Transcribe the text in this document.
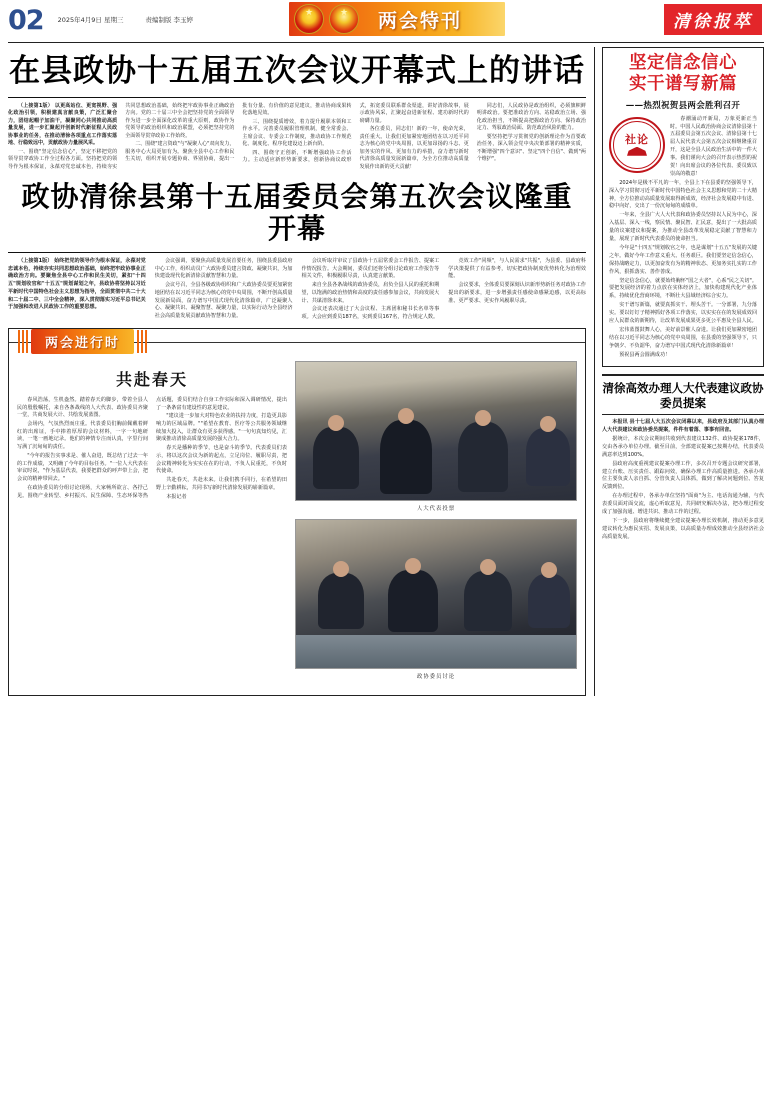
02 2025年4月9日 星期三	责编制版 李玉婷 ★ ★	两会特刊	清徐报萃
在县政协十五届五次会议开幕式上的讲话

（上接第1版） 以更高站位、更宽视野、强化政治引领，积极建真言献良策，广泛汇聚合力，团结起帽子加油干，凝聚同心共同推动高质量发展，进一步汇聚起开创新时代新征程人民政协事业的任务，在推动清徐各项重点工作落实落地、行稳致远中，贡献政协力量展风采。

一、围绕"坚定信念信心"，坚定不移把党的领导贯穿政协工作全过程各方面。坚持把党的领导作为根本保证，永葆对党忠诚本色，持续夯实共同思想政治基础，始终把牢政协事业正确政治方向。党的二十届三中全会把坚持党的全面领导作为进一步全面深化改革的重大原则，政协作为党领导的政治组织和政治联盟，必须把坚持党的全面领导贯穿政协工作始终。

二、围绕"建言资政"与"凝聚人心"双向发力，服务中心大局更加有为。聚焦全县中心工作和民生关切，组织开展专题协商、界别协商，提出一批有分量、有价值的意见建议，推动协商成果转化落地见效。

三、围绕提质增效，着力提升履职本领和工作水平。完善委员履职管理机制，健全常委会、主席会议、专委会工作制度，推动政协工作规范化、制度化、程序化建设迈上新台阶。

四、围绕守正创新，不断增强政协工作活力。主动适应新形势新要求，创新协商议政形式，拓宽委员联系群众渠道，讲好清徐故事，展示政协风采，汇聚起奋进新征程、建功新时代的磅礴力量。

各位委员，同志们！新的一年，使命光荣，责任重大。让我们更加紧密地团结在以习近平同志为核心的党中央周围，以更加昂扬的斗志、更加务实的作风、更加有力的举措，奋力谱写新时代清徐高质量发展新篇章，为全方位推动高质量发展作出新的更大贡献！

同志们，人民政协是政治组织，必须旗帜鲜明讲政治。要把准政治方向、站稳政治立场、强化政治担当，不断提高把握政治方向、保持政治定力、驾驭政治局面、防范政治风险的能力。

要坚持把学习贯彻党的创新理论作为首要政治任务，深入领会党中央决策部署的精神实质，不断增强"四个意识"、坚定"四个自信"、做到"两个维护"。

政协清徐县第十五届委员会第五次会议隆重开幕

（上接第1版） 始终把党的领导作为根本保证，永葆对党忠诚本色，持续夯实共同思想政治基础，始终把牢政协事业正确政治方向。要聚焦全县中心工作和民生关切，紧扣"十四五"规划收官和"十五五"规划谋划之年，县政协将坚持以习近平新时代中国特色社会主义思想为指导，全面贯彻中共二十大和二十届二中、三中全会精神，深入贯彻落实习近平总书记关于加强和改进人民政协工作的重要思想。

会议强调，要聚焦高质量发展首要任务，围绕县委县政府中心工作，组织动员广大政协委员建言资政、凝聚共识，为加快建设现代化新清徐贡献智慧和力量。

会议号召，全县各级政协组织和广大政协委员要更加紧密地团结在以习近平同志为核心的党中央周围，不断开创高质量发展新局面，奋力谱写中国式现代化清徐篇章，广泛凝聚人心、凝聚共识、凝聚智慧、凝聚力量，以实际行动为全县经济社会高质量发展贡献政协智慧和力量。

会议听取并审议了县政协十五届常委会工作报告、提案工作情况报告。大会期间，委员们还将分组讨论政府工作报告等相关文件，积极履职尽责，认真建言献策。

来自全县各条战线的政协委员，肩负全县人民的重托和期望，以饱满的政治热情和高度的责任感参加会议，共商发展大计、共谋清徐未来。

会议还表决通过了大会议程、主席团和秘书长名单等事项。大会应到委员187名，实到委员167名，符合规定人数。

竞效工作"同频"，与人民需求"共振"，为县委、县政府科学决策提供了有益参考，切实把政协制度优势转化为治理效能。

会议要求，全体委员要深刻认识新形势新任务对政协工作提出的新要求，进一步增强责任感使命感紧迫感，以更高标准、更严要求、更实作风履职尽责。

两会进行时
共赴春天

春风浩荡，生机盎然。踏着春天的脚步，带着全县人民的殷殷嘱托，来自各条战线的人大代表、政协委员齐聚一堂，共商发展大计、共绘发展蓝图。

会场内，气氛热烈而庄重。代表委员们胸前佩戴着鲜红的出席证，手中捧着厚厚的会议材料，一字一句地研读，一笔一画地记录。他们的神情专注而认真，字里行间写满了沉甸甸的责任。

"今年的报告实事求是、催人奋进，既总结了过去一年的工作成绩，又明确了今年的目标任务。"一位人大代表在审议时说，"作为基层代表，我要把群众的呼声带上会，把会议的精神带回去。"

在政协委员的分组讨论现场，大家畅所欲言、各抒己见。围绕产业转型、乡村振兴、民生保障、生态环保等热点话题，委员们结合自身工作实际和深入调研情况，提出了一条条富有建设性的意见建议。

"建议进一步加大对特色农业的扶持力度，打造更具影响力的区域品牌。""希望在教育、医疗等公共服务领域继续加大投入，让群众有更多获得感。"一句句真知灼见，汇聚成推动清徐高质量发展的强大合力。

春天是播种的季节，也是奋斗的季节。代表委员们表示，将以这次会议为新的起点，立足岗位、履职尽责，把会议精神转化为实实在在的行动，不负人民重托，不负时代使命。

共赴春天，共赴未来。让我们携手同行，在希望的田野上辛勤耕耘，共同书写新时代清徐发展的崭新篇章。

本报记者

人大代表投票
政协委员讨论
坚定信念信心
实干谱写新篇
——热烈祝贺县两会胜利召开
社论

春潮涌动开新局，万象更新正当时。中国人民政治协商会议清徐县第十五届委员会第五次会议、清徐县第十七届人民代表大会第五次会议相继隆重召开，这是全县人民政治生活中的一件大事。我们谨向大会的召开表示热烈的祝贺！向出席会议的各位代表、委员致以崇高的敬意！

2024年是极不平凡的一年，全县上下在县委的坚强领导下，深入学习贯彻习近平新时代中国特色社会主义思想和党的二十大精神，全方位推动高质量发展取得新成效，经济社会发展稳中有进、稳中向好，交出了一份沉甸甸的成绩单。

一年来，全县广大人大代表和政协委员坚持以人民为中心，深入基层、深入一线，察民情、聚民智、汇民意，提出了一大批高质量的议案建议和提案，为推动全县改革发展稳定贡献了智慧和力量，展现了新时代代表委员的使命担当。

今年是"十四五"规划收官之年，也是谋划"十五五"发展的关键之年。做好今年工作意义重大、任务艰巨。我们要坚定信念信心，保持战略定力，以更加奋发有为的精神状态、更加务实扎实的工作作风，狠抓落实、善作善成。

坚定信念信心，就要始终胸怀"国之大者"，心系"民之关切"。要把发展经济的着力点放在实体经济上，加快构建现代化产业体系，持续优化营商环境，不断壮大县域经济综合实力。

实干谱写新篇，就要真抓实干、埋头苦干。一分部署，九分落实。要以钉钉子精神抓好各项工作落实，以实实在在的发展成效回应人民群众的新期待，让改革发展成果更多更公平惠及全县人民。

宏伟蓝图鼓舞人心，美好前景催人奋进。让我们更加紧密地团结在以习近平同志为核心的党中央周围，在县委的坚强领导下，只争朝夕、不负韶华，奋力谱写中国式现代化清徐新篇章！

预祝县两会圆满成功！

清徐高效办理人大代表建议政协委员提案

本报讯 县十七届人大五次会议闭幕以来，县政府及其部门认真办理人大代表建议和政协委员提案，件件有着落、事事有回音。

据统计，本次会议期间共收到代表建议132件、政协提案178件，交由各承办单位办理。截至目前，全部建议提案已按期办结，代表委员满意率达到100%。

县政府高度重视建议提案办理工作，多次召开专题会议研究部署，建立台账、压实责任、跟踪问效，确保办理工作高质量推进。各承办单位主要负责人亲自抓、分管负责人具体抓，做到了解决问题到位、答复反馈到位。

在办理过程中，各承办单位坚持"面商"为主、电话沟通为辅，与代表委员面对面交流，虚心听取意见，共同研究解决办法，把办理过程变成了加强沟通、增进共识、推动工作的过程。

下一步，县政府将继续健全建议提案办理长效机制，推动更多意见建议转化为惠民实招、发展良策，以高质量办理成效推动全县经济社会高质量发展。
